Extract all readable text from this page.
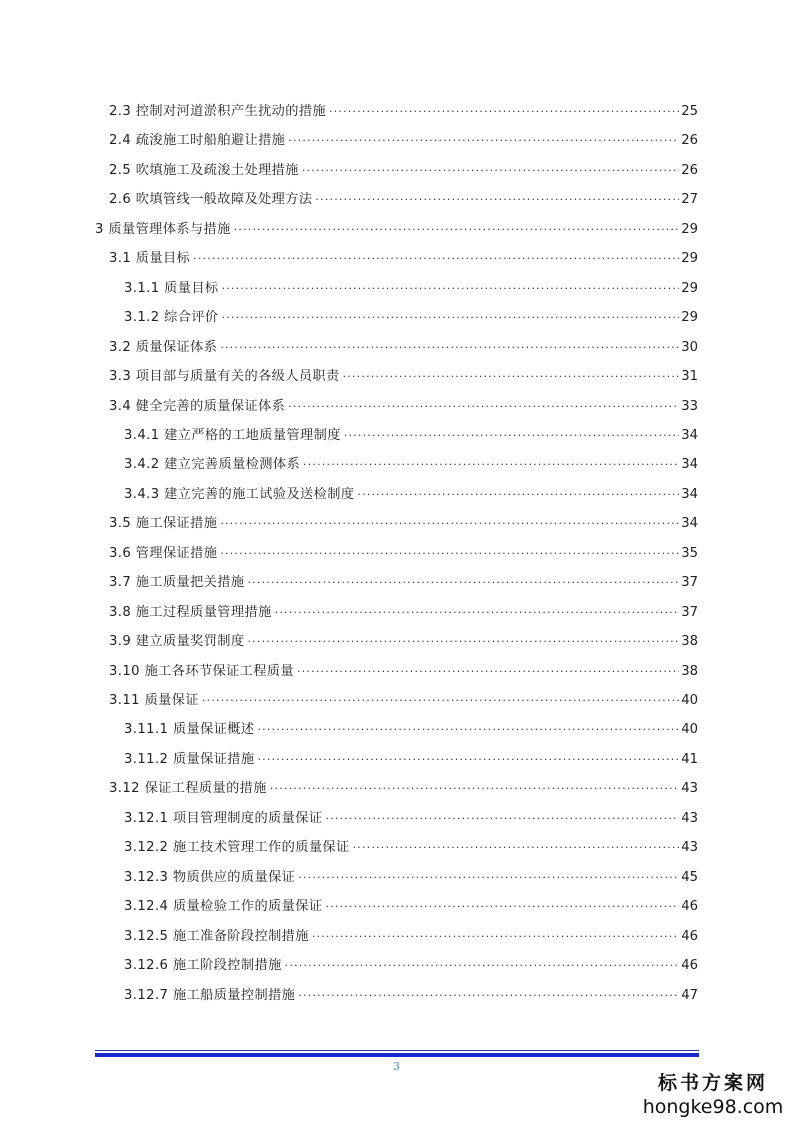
2.3 控制对河道淤积产生扰动的措施 .....	25
2.4 疏浚施工时船舶避让措施 .....	26
2.5 吹填施工及疏浚土处理措施 .....	26
2.6 吹填管线一般故障及处理方法 .....	27
3 质量管理体系与措施 .....	29
3.1 质量目标 .....	29
3.1.1 质量目标 .....	29
3.1.2 综合评价 .....	29
3.2 质量保证体系 .....	30
3.3 项目部与质量有关的各级人员职责 .....	31
3.4 健全完善的质量保证体系 .....	33
3.4.1 建立严格的工地质量管理制度 .....	34
3.4.2 建立完善质量检测体系 .....	34
3.4.3 建立完善的施工试验及送检制度 .....	34
3.5 施工保证措施 .....	34
3.6 管理保证措施 .....	35
3.7 施工质量把关措施 .....	37
3.8 施工过程质量管理措施 .....	37
3.9 建立质量奖罚制度 .....	38
3.10 施工各环节保证工程质量 .....	38
3.11 质量保证 .....	40
3.11.1 质量保证概述 .....	40
3.11.2 质量保证措施 .....	41
3.12 保证工程质量的措施 .....	43
3.12.1 项目管理制度的质量保证 .....	43
3.12.2 施工技术管理工作的质量保证 .....	43
3.12.3 物质供应的质量保证 .....	45
3.12.4 质量检验工作的质量保证 .....	46
3.12.5 施工准备阶段控制措施 .....	46
3.12.6 施工阶段控制措施 .....	46
3.12.7 施工船质量控制措施 .....	47
3
标书方案网
hongke98.com
